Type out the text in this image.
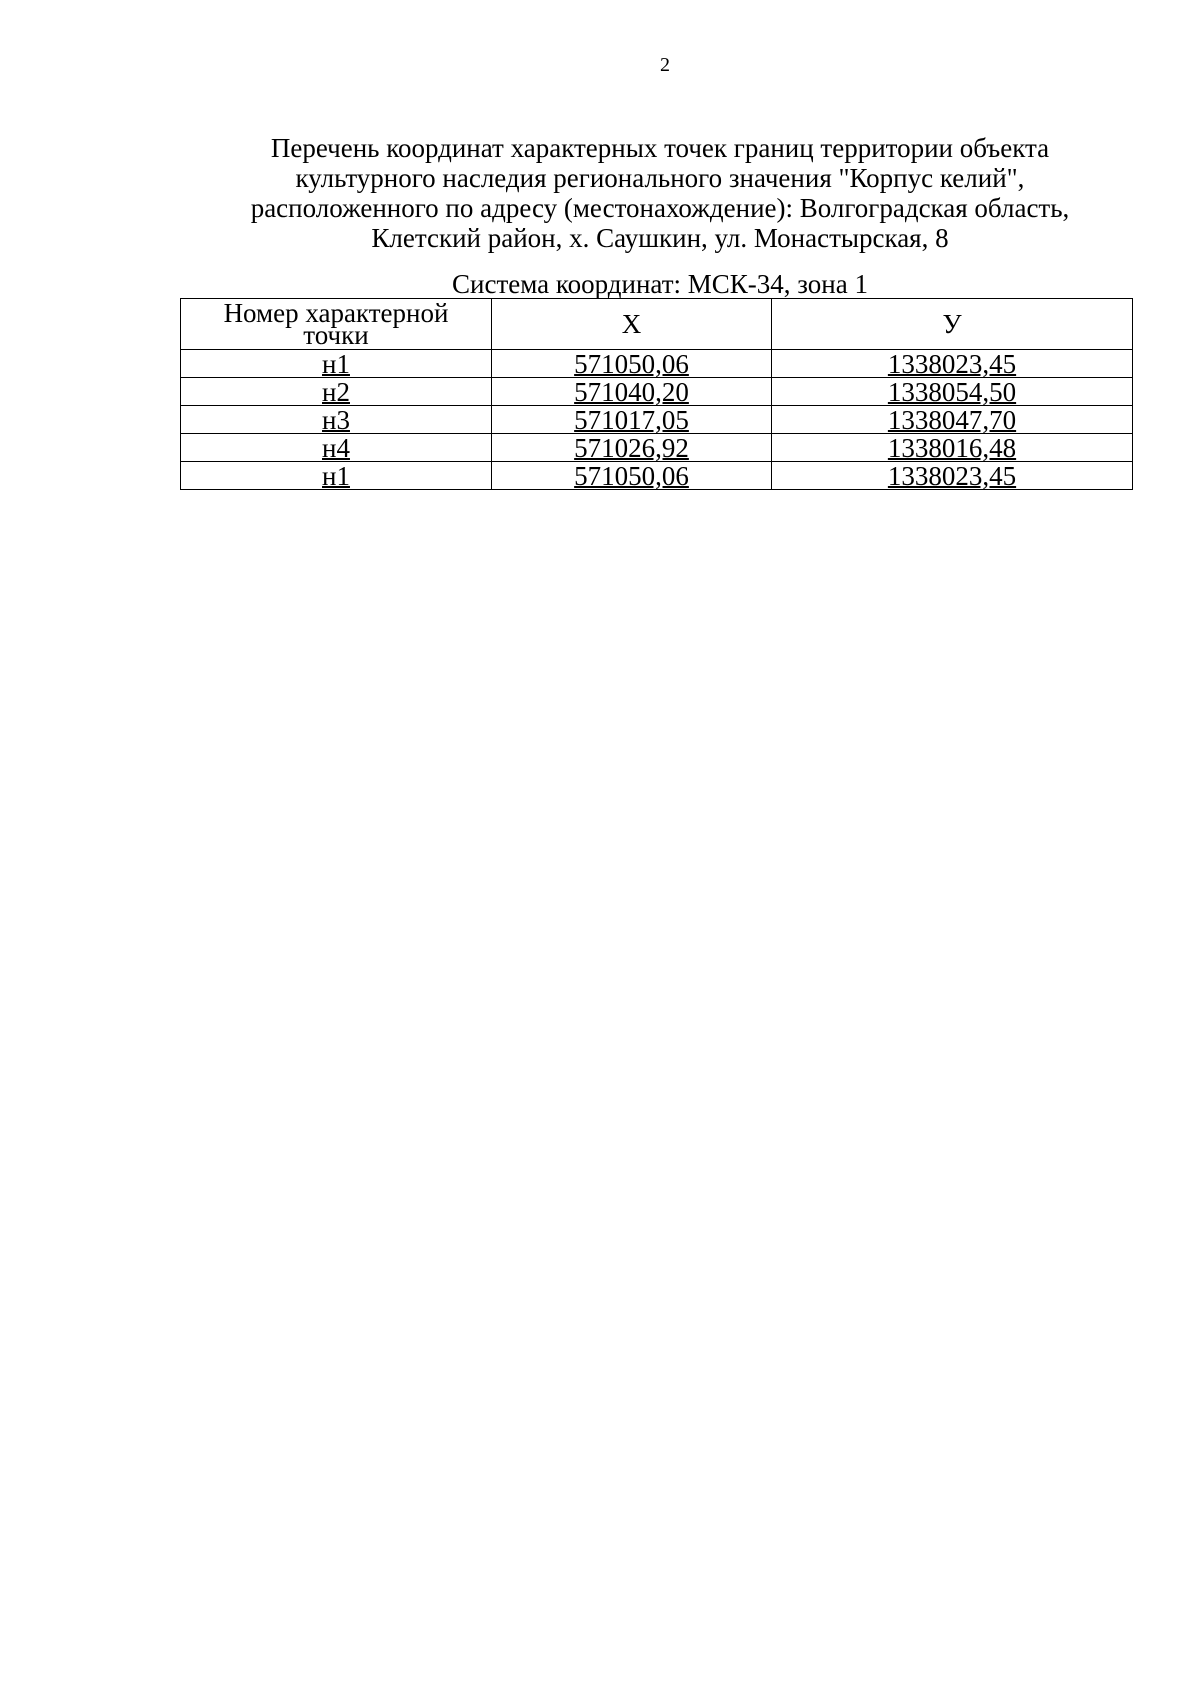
2
Перечень координат характерных точек границ территории объекта
культурного наследия регионального значения "Корпус келий",
расположенного по адресу (местонахождение): Волгоградская область,
Клетский район, х. Саушкин, ул. Монастырская, 8
Система координат: МСК-34, зона 1
Номер характерной
точки	X	У
н1	571050,06	1338023,45
н2	571040,20	1338054,50
н3	571017,05	1338047,70
н4	571026,92	1338016,48
н1	571050,06	1338023,45
